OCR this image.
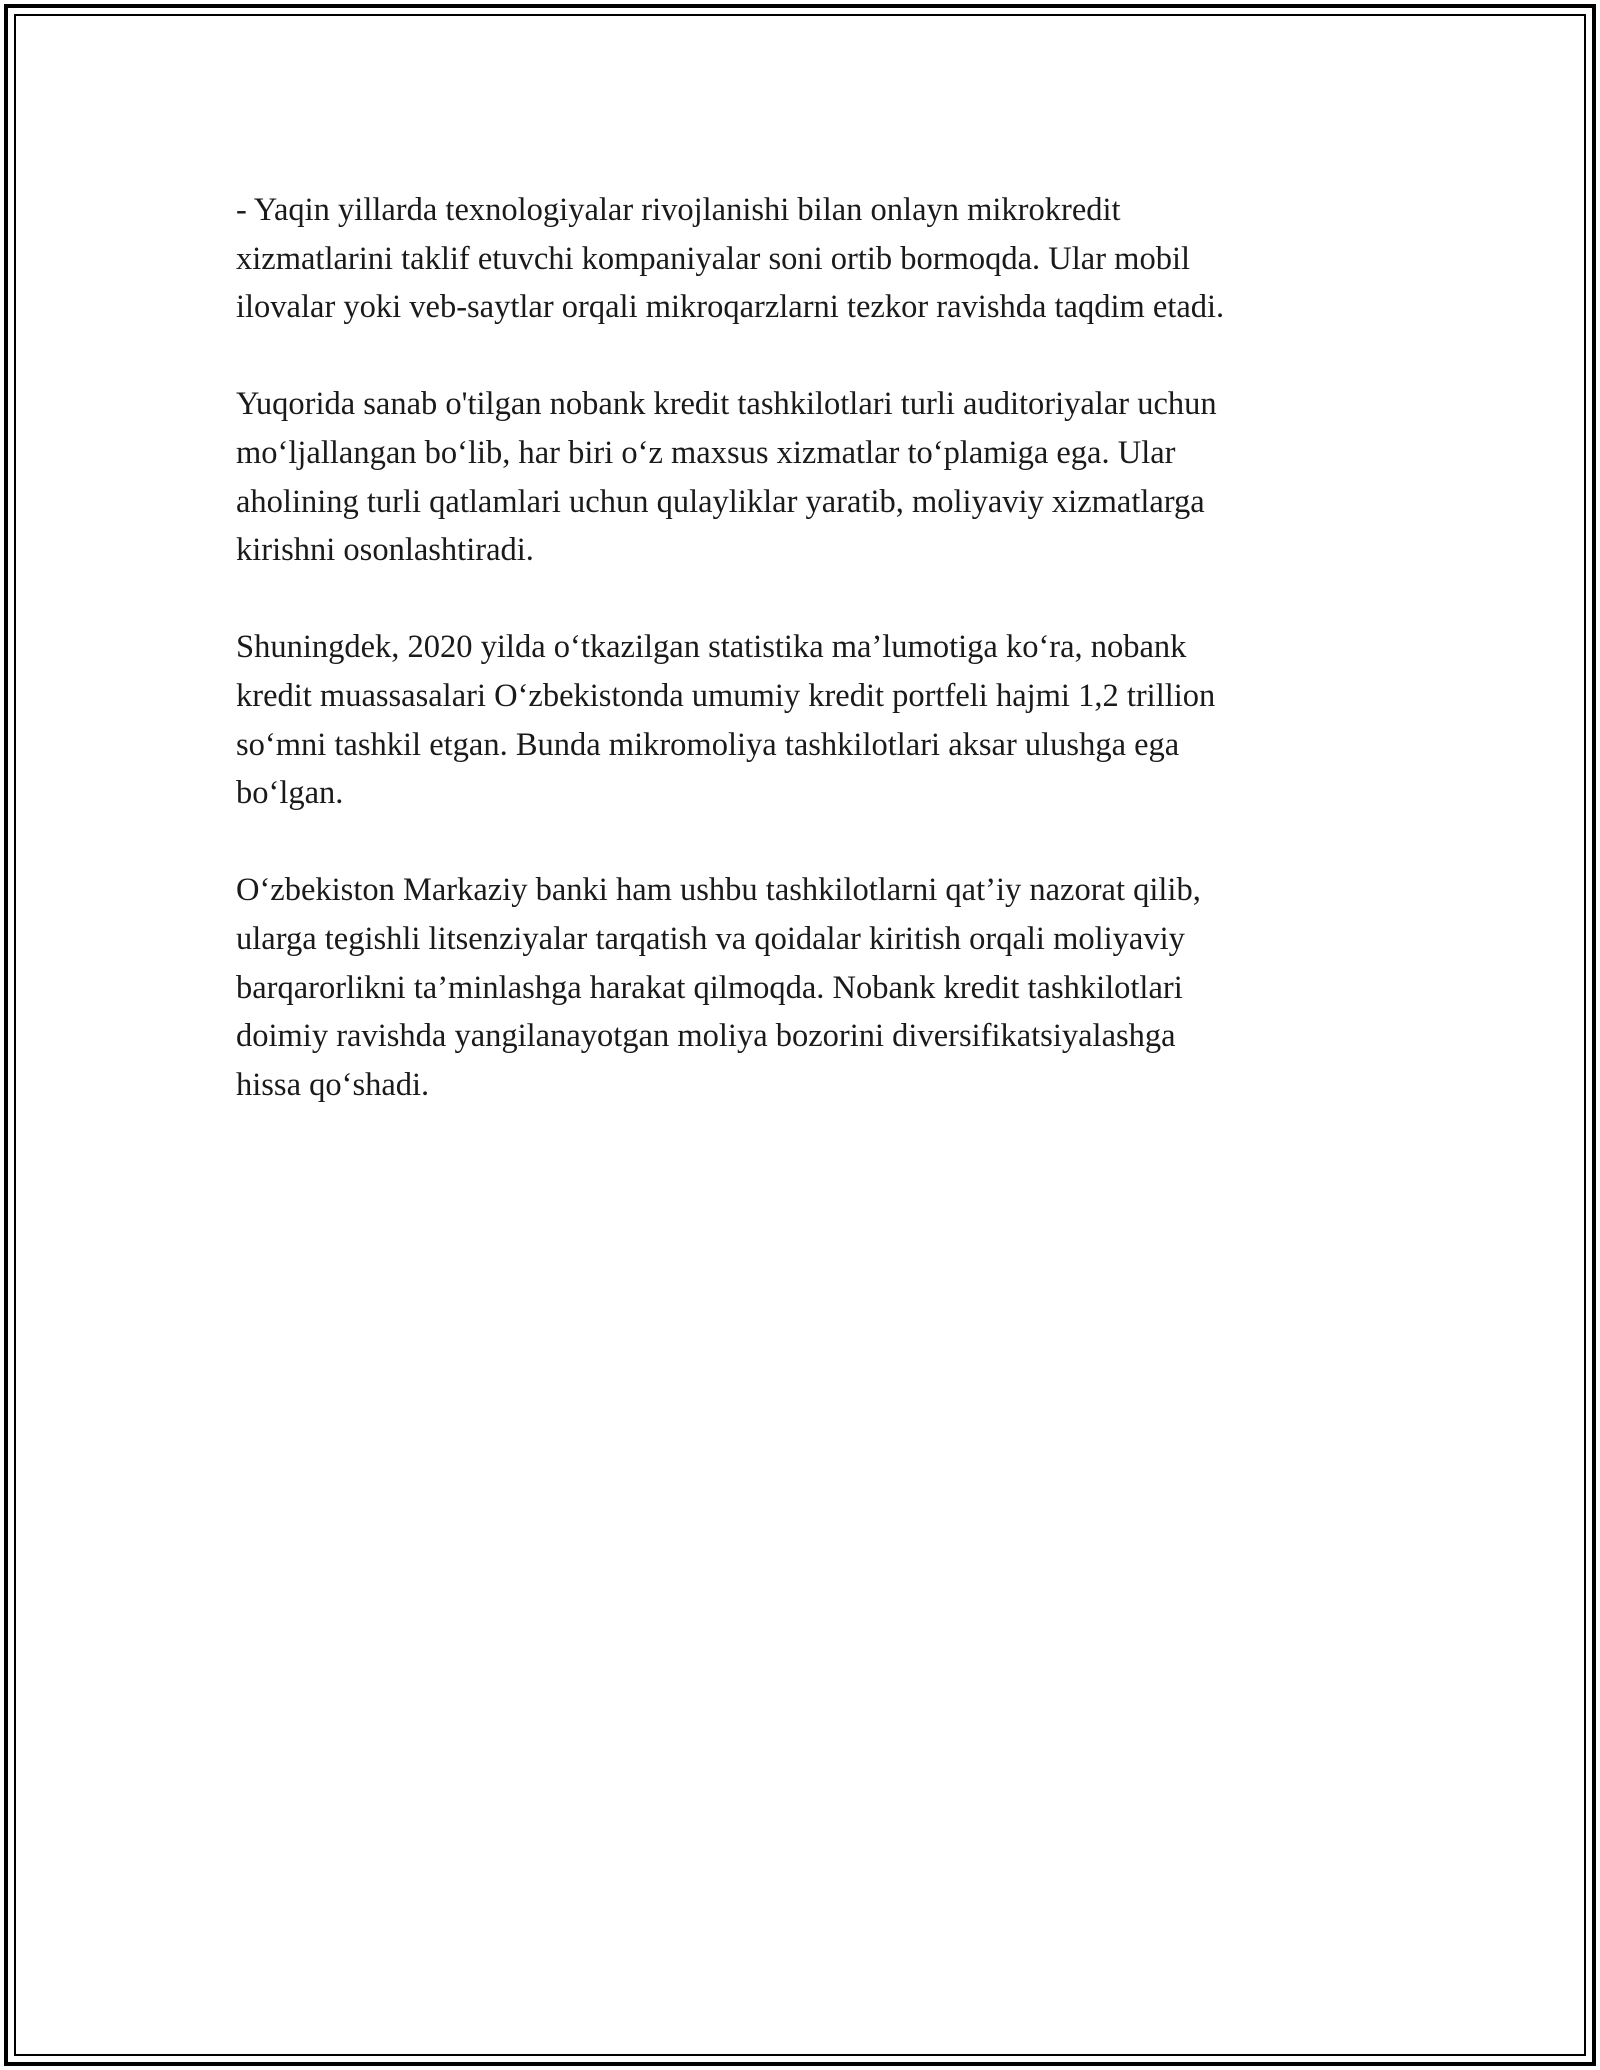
- Yaqin yillarda texnologiyalar rivojlanishi bilan onlayn mikrokredit
xizmatlarini taklif etuvchi kompaniyalar soni ortib bormoqda. Ular mobil
ilovalar yoki veb-saytlar orqali mikroqarzlarni tezkor ravishda taqdim etadi.

Yuqorida sanab o'tilgan nobank kredit tashkilotlari turli auditoriyalar uchun
mo‘ljallangan bo‘lib, har biri o‘z maxsus xizmatlar to‘plamiga ega. Ular
aholining turli qatlamlari uchun qulayliklar yaratib, moliyaviy xizmatlarga
kirishni osonlashtiradi.

Shuningdek, 2020 yilda o‘tkazilgan statistika ma’lumotiga ko‘ra, nobank
kredit muassasalari O‘zbekistonda umumiy kredit portfeli hajmi 1,2 trillion
so‘mni tashkil etgan. Bunda mikromoliya tashkilotlari aksar ulushga ega
bo‘lgan.

O‘zbekiston Markaziy banki ham ushbu tashkilotlarni qat’iy nazorat qilib,
ularga tegishli litsenziyalar tarqatish va qoidalar kiritish orqali moliyaviy
barqarorlikni ta’minlashga harakat qilmoqda. Nobank kredit tashkilotlari
doimiy ravishda yangilanayotgan moliya bozorini diversifikatsiyalashga
hissa qo‘shadi.
